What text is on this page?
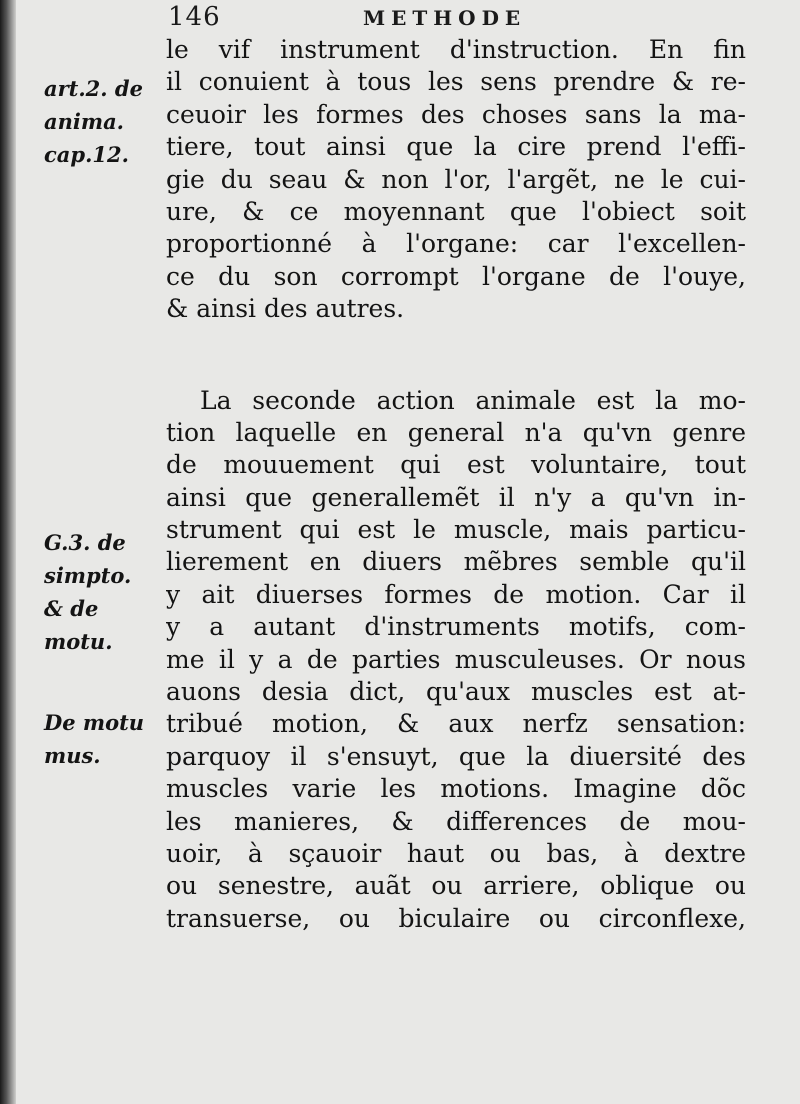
146	METHODE
art.2. de
anima.
cap.12.
G.3. de
simpto.
& de
motu.
De motu
mus.
le vif instrument d'instruction. En fin
il conuient à tous les sens prendre & re-
ceuoir les formes des choses sans la ma-
tiere, tout ainsi que la cire prend l'effi-
gie du seau & non l'or, l'argẽt, ne le cui-
ure, & ce moyennant que l'obiect soit
proportionné à l'organe: car l'excellen-
ce du son corrompt l'organe de l'ouye,
& ainsi des autres.
La seconde action animale est la mo-
tion laquelle en general n'a qu'vn genre
de mouuement qui est voluntaire, tout
ainsi que generallemẽt il n'y a qu'vn in-
strument qui est le muscle, mais particu-
lierement en diuers mẽbres semble qu'il
y ait diuerses formes de motion. Car il
y a autant d'instruments motifs, com-
me il y a de parties musculeuses. Or nous
auons desia dict, qu'aux muscles est at-
tribué motion, & aux nerfz sensation:
parquoy il s'ensuyt, que la diuersité des
muscles varie les motions. Imagine dõc
les manieres, & differences de mou-
uoir, à sçauoir haut ou bas, à dextre
ou senestre, auãt ou arriere, oblique ou
transuerse, ou biculaire ou circonflexe,
